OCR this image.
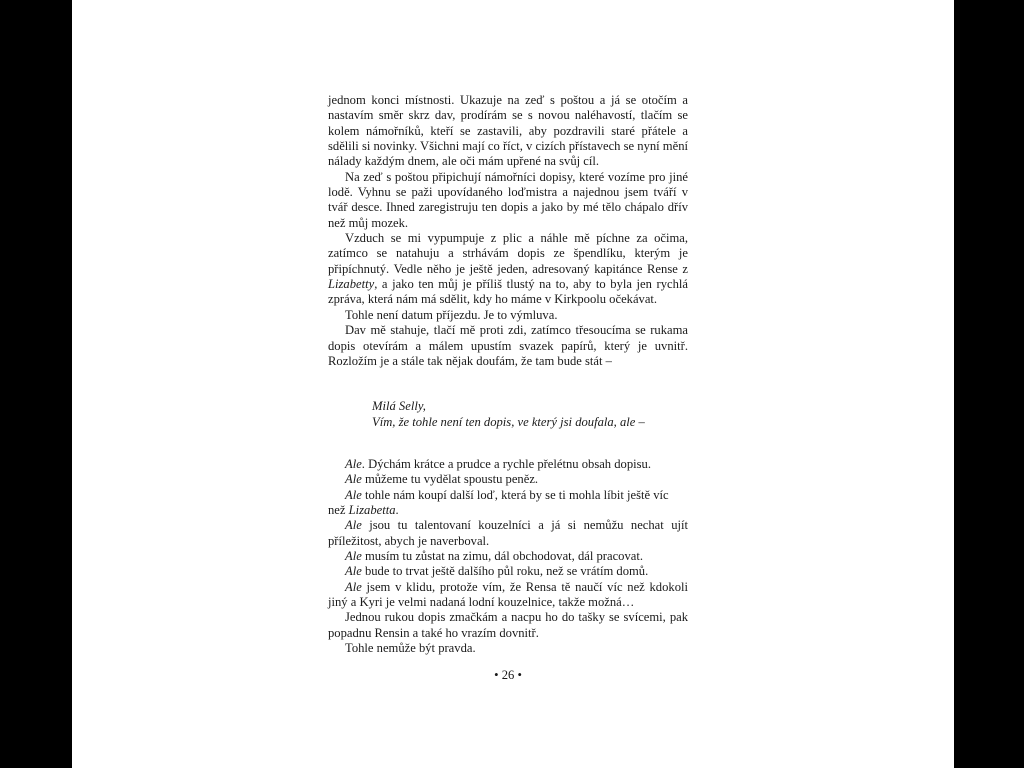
jednom konci místnosti. Ukazuje na zeď s poštou a já se otočím a nastavím směr skrz dav, prodírám se s novou naléhavostí, tlačím se kolem námořníků, kteří se zastavili, aby pozdravili staré přátele a sdělili si novinky. Všichni mají co říct, v cizích přístavech se nyní mění nálady každým dnem, ale oči mám upřené na svůj cíl.

Na zeď s poštou připichují námořníci dopisy, které vozíme pro jiné lodě. Vyhnu se paži upovídaného loďmistra a najednou jsem tváří v tvář desce. Ihned zaregistruju ten dopis a jako by mé tělo chápalo dřív než můj mozek.

Vzduch se mi vypumpuje z plic a náhle mě píchne za očima, zatímco se natahuju a strhávám dopis ze špendlíku, kterým je připíchnutý. Vedle něho je ještě jeden, adresovaný kapitánce Rense z Lizabetty, a jako ten můj je příliš tlustý na to, aby to byla jen rychlá zpráva, která nám má sdělit, kdy ho máme v Kirkpoolu očekávat.

Tohle není datum příjezdu. Je to výmluva.

Dav mě stahuje, tlačí mě proti zdi, zatímco třesoucíma se rukama dopis otevírám a málem upustím svazek papírů, který je uvnitř. Rozložím je a stále tak nějak doufám, že tam bude stát –

Milá Selly,
Vím, že tohle není ten dopis, ve který jsi doufala, ale –

Ale. Dýchám krátce a prudce a rychle přelétnu obsah dopisu.

Ale můžeme tu vydělat spoustu peněz.

Ale tohle nám koupí další loď, která by se ti mohla líbit ještě víc než Lizabetta.

Ale jsou tu talentovaní kouzelníci a já si nemůžu nechat ujít příležitost, abych je naverboval.

Ale musím tu zůstat na zimu, dál obchodovat, dál pracovat.

Ale bude to trvat ještě dalšího půl roku, než se vrátím domů.

Ale jsem v klidu, protože vím, že Rensa tě naučí víc než kdokoli jiný a Kyri je velmi nadaná lodní kouzelnice, takže možná…

Jednou rukou dopis zmačkám a nacpu ho do tašky se svícemi, pak popadnu Rensin a také ho vrazím dovnitř.

Tohle nemůže být pravda.

• 26 •
